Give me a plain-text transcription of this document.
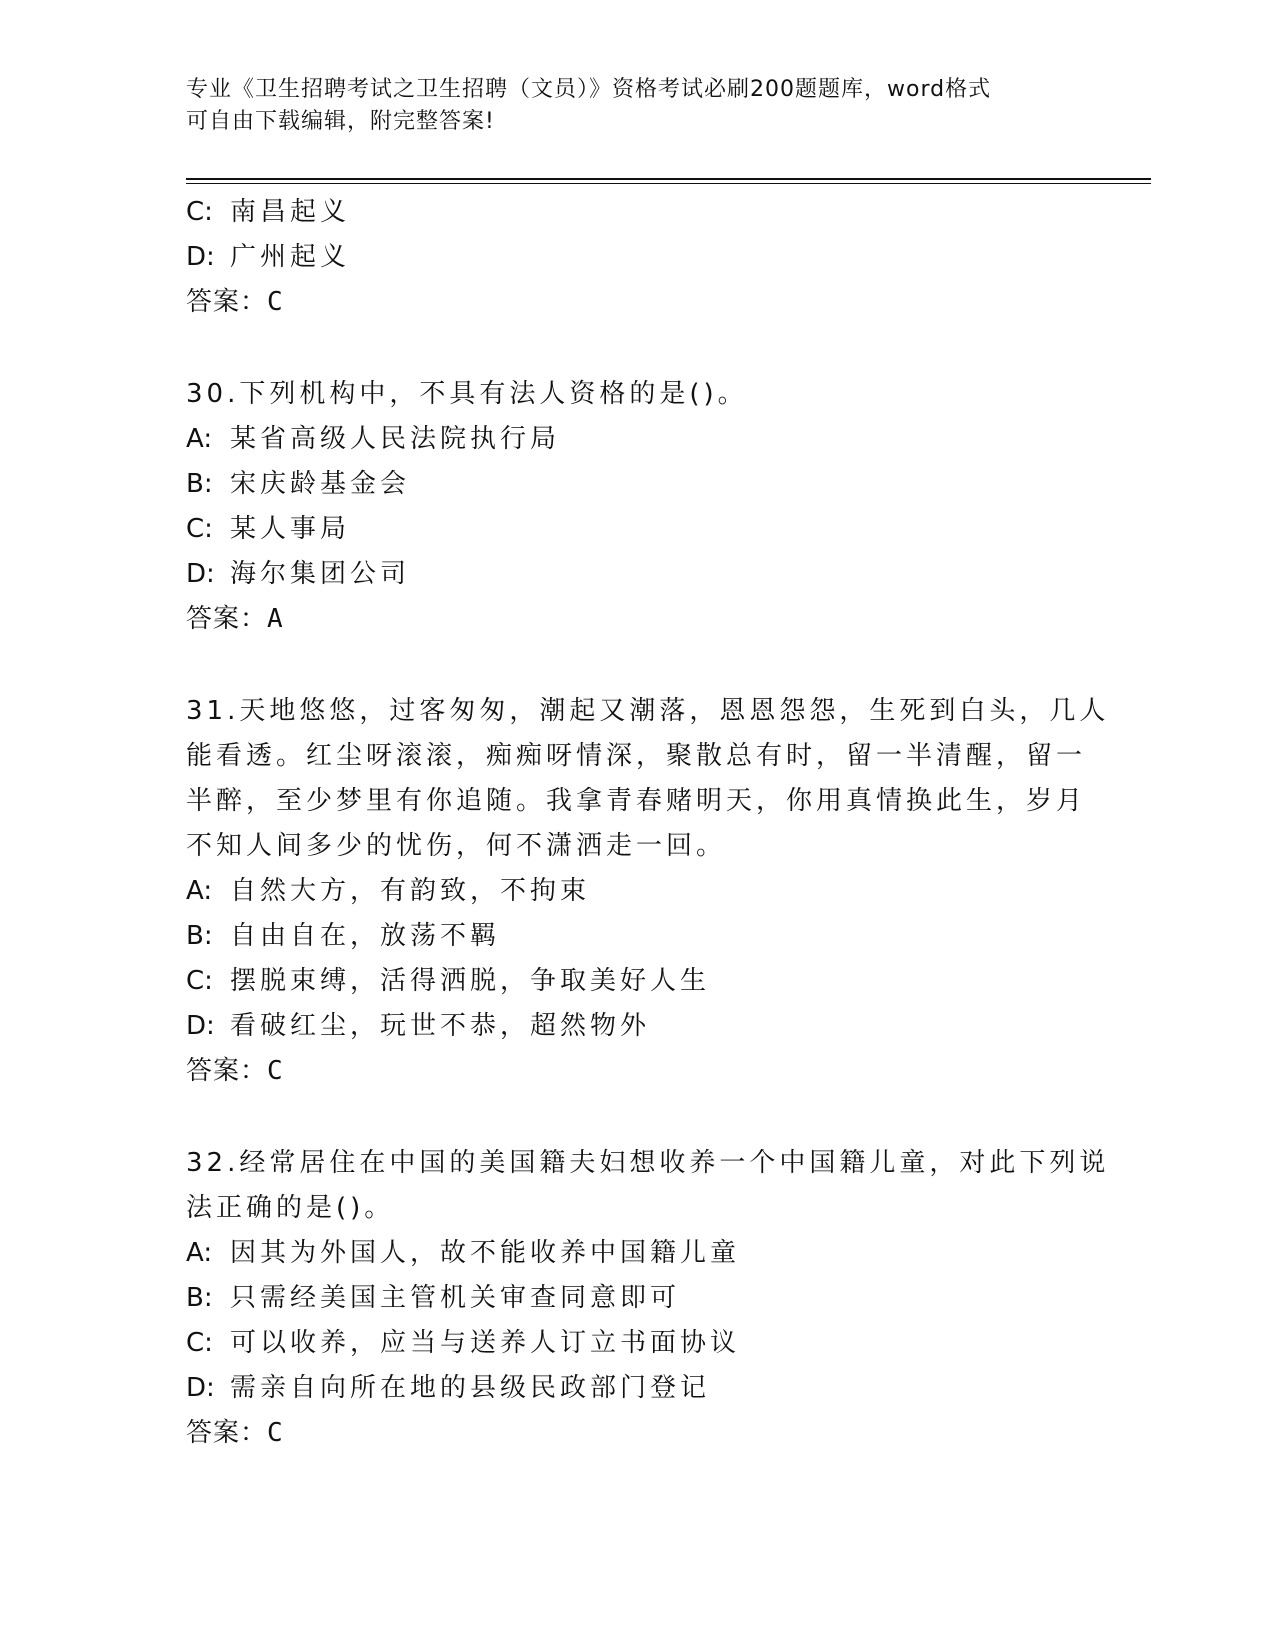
专业《卫生招聘考试之卫生招聘（文员）》资格考试必刷200题题库，word格式
可自由下载编辑，附完整答案!
C: 南昌起义
D: 广州起义
答案：C
30.下列机构中，不具有法人资格的是()。
A: 某省高级人民法院执行局
B: 宋庆龄基金会
C: 某人事局
D: 海尔集团公司
答案：A
31.天地悠悠，过客匆匆，潮起又潮落，恩恩怨怨，生死到白头，几人
能看透。红尘呀滚滚，痴痴呀情深，聚散总有时，留一半清醒，留一
半醉，至少梦里有你追随。我拿青春赌明天，你用真情换此生，岁月
不知人间多少的忧伤，何不潇洒走一回。
A: 自然大方，有韵致，不拘束
B: 自由自在，放荡不羁
C: 摆脱束缚，活得洒脱，争取美好人生
D: 看破红尘，玩世不恭，超然物外
答案：C
32.经常居住在中国的美国籍夫妇想收养一个中国籍儿童，对此下列说
法正确的是()。
A: 因其为外国人，故不能收养中国籍儿童
B: 只需经美国主管机关审查同意即可
C: 可以收养，应当与送养人订立书面协议
D: 需亲自向所在地的县级民政部门登记
答案：C
